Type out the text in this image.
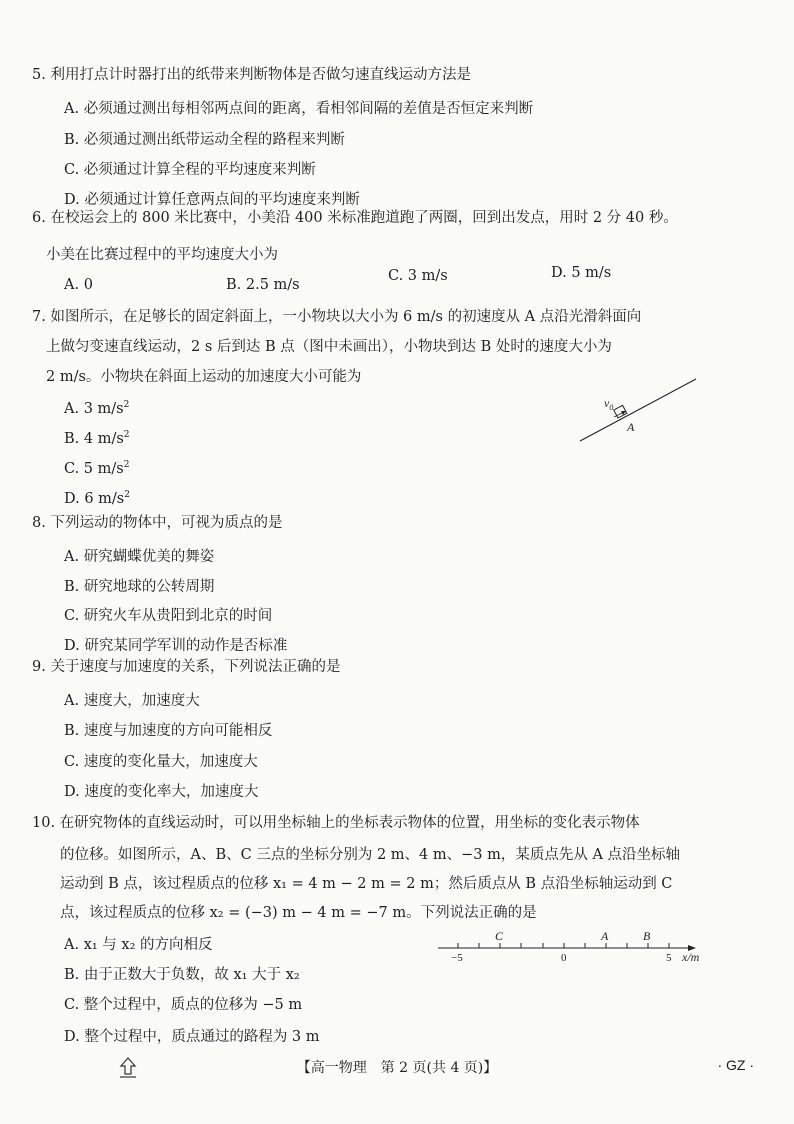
5. 利用打点计时器打出的纸带来判断物体是否做匀速直线运动方法是
A. 必须通过测出每相邻两点间的距离，看相邻间隔的差值是否恒定来判断
B. 必须通过测出纸带运动全程的路程来判断
C. 必须通过计算全程的平均速度来判断
D. 必须通过计算任意两点间的平均速度来判断
6. 在校运会上的 800 米比赛中，小美沿 400 米标准跑道跑了两圈，回到出发点，用时 2 分 40 秒。
小美在比赛过程中的平均速度大小为
A. 0	B. 2.5 m/s
C. 3 m/s	D. 5 m/s
7. 如图所示，在足够长的固定斜面上，一小物块以大小为 6 m/s 的初速度从 A 点沿光滑斜面向
上做匀变速直线运动，2 s 后到达 B 点（图中未画出），小物块到达 B 处时的速度大小为
2 m/s。小物块在斜面上运动的加速度大小可能为
A. 3 $m/s^2$
B. 4 $m/s^2$
C. 5 $m/s^2$
D. 6 $m/s^2$
$v_0$
A
8. 下列运动的物体中，可视为质点的是
A. 研究蝴蝶优美的舞姿
B. 研究地球的公转周期
C. 研究火车从贵阳到北京的时间
D. 研究某同学军训的动作是否标准
9. 关于速度与加速度的关系，下列说法正确的是
A. 速度大，加速度大
B. 速度与加速度的方向可能相反
C. 速度的变化量大，加速度大
D. 速度的变化率大，加速度大
10. 在研究物体的直线运动时，可以用坐标轴上的坐标表示物体的位置，用坐标的变化表示物体
的位移。如图所示，A、B、C 三点的坐标分别为 2 m、4 m、−3 m，某质点先从 A 点沿坐标轴
运动到 B 点，该过程质点的位移 x₁ = 4 m − 2 m = 2 m；然后质点从 B 点沿坐标轴运动到 C
点，该过程质点的位移 x₂ = (−3) m − 4 m = −7 m。下列说法正确的是
A. x₁ 与 x₂ 的方向相反
B. 由于正数大于负数，故 x₁ 大于 x₂
C. 整个过程中，质点的位移为 −5 m
D. 整个过程中，质点通过的路程为 3 m
C	A	B
−5	0	5 x/m
【高一物理　第 2 页(共 4 页)】	· GZ ·
